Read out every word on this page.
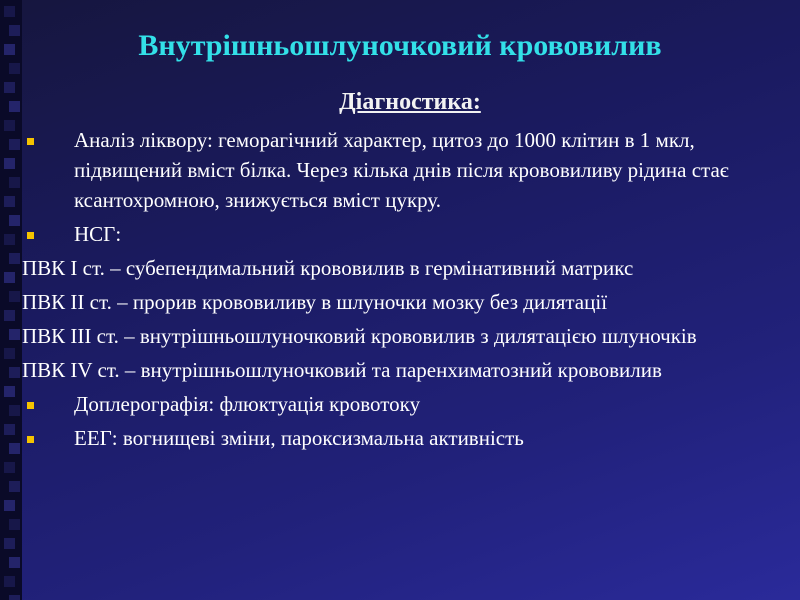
Внутрішньошлуночковий крововилив
Діагностика:
Аналіз ліквору: геморагічний характер, цитоз до 1000 клітин в 1 мкл, підвищений вміст білка. Через кілька днів після крововиливу рідина стає ксантохромною, знижується вміст цукру.
НСГ:
ПВК I ст. – субепендимальний крововилив в гермінативний матрикс
ПВК II ст. – прорив крововиливу в шлуночки мозку без дилятації
ПВК III ст. – внутрішньошлуночковий крововилив з дилятацією шлуночків
ПВК IV ст. – внутрішньошлуночковий та паренхиматозний крововилив
Доплерографія: флюктуація кровотоку
ЕЕГ: вогнищеві зміни, пароксизмальна активність
